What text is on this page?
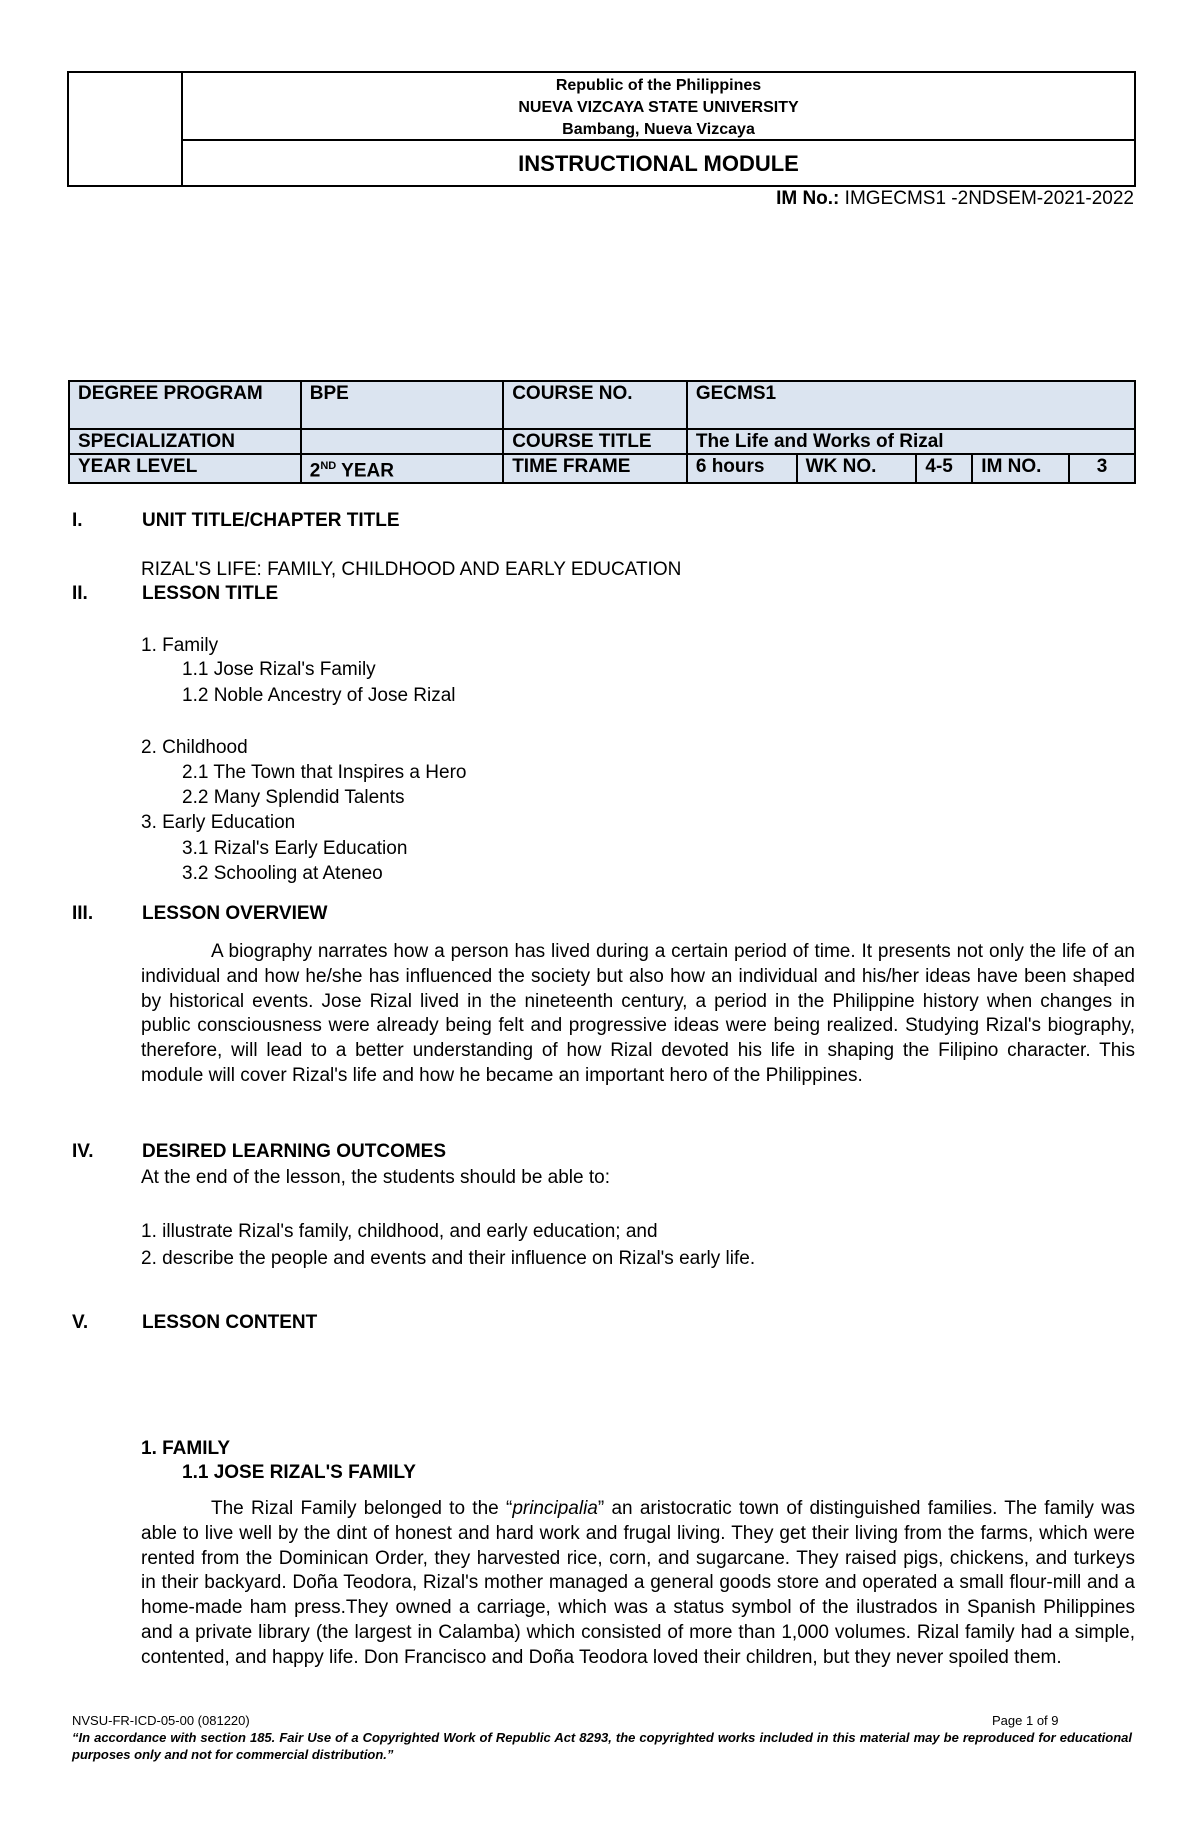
Republic of the Philippines
NUEVA VIZCAYA STATE UNIVERSITY
Bambang, Nueva Vizcaya
INSTRUCTIONAL MODULE
IM No.: IMGECMS1 -2NDSEM-2021-2022
DEGREE PROGRAM	BPE	COURSE NO.	GECMS1				
SPECIALIZATION		COURSE TITLE	The Life and Works of Rizal				
YEAR LEVEL	2ND YEAR	TIME FRAME	6 hours	WK NO.	4-5	IM NO.	3
I.	UNIT TITLE/CHAPTER TITLE
RIZAL'S LIFE: FAMILY, CHILDHOOD AND EARLY EDUCATION
II.	LESSON TITLE
1. Family
1.1 Jose Rizal's Family
1.2 Noble Ancestry of Jose Rizal
2. Childhood
2.1 The Town that Inspires a Hero
2.2 Many Splendid Talents
3. Early Education
3.1 Rizal's Early Education
3.2 Schooling at Ateneo
III.	LESSON OVERVIEW
A biography narrates how a person has lived during a certain period of time. It presents not only the life of an individual and how he/she has influenced the society but also how an individual and his/her ideas have been shaped by historical events. Jose Rizal lived in the nineteenth century, a period in the Philippine history when changes in public consciousness were already being felt and progressive ideas were being realized. Studying Rizal's biography, therefore, will lead to a better understanding of how Rizal devoted his life in shaping the Filipino character. This module will cover Rizal's life and how he became an important hero of the Philippines.
IV.	DESIRED LEARNING OUTCOMES
At the end of the lesson, the students should be able to:
1. illustrate Rizal's family, childhood, and early education; and
2. describe the people and events and their influence on Rizal's early life.
V.	LESSON CONTENT
1. FAMILY
1.1 JOSE RIZAL'S FAMILY
The Rizal Family belonged to the “principalia” an aristocratic town of distinguished families. The family was able to live well by the dint of honest and hard work and frugal living. They get their living from the farms, which were rented from the Dominican Order, they harvested rice, corn, and sugarcane. They raised pigs, chickens, and turkeys in their backyard. Doña Teodora, Rizal's mother managed a general goods store and operated a small flour-mill and a home-made ham press.They owned a carriage, which was a status symbol of the ilustrados in Spanish Philippines and a private library (the largest in Calamba) which consisted of more than 1,000 volumes. Rizal family had a simple, contented, and happy life. Don Francisco and Doña Teodora loved their children, but they never spoiled them.
NVSU-FR-ICD-05-00 (081220)	Page 1 of 9
“In accordance with section 185. Fair Use of a Copyrighted Work of Republic Act 8293, the copyrighted works included in this material may be reproduced for educational purposes only and not for commercial distribution.”
